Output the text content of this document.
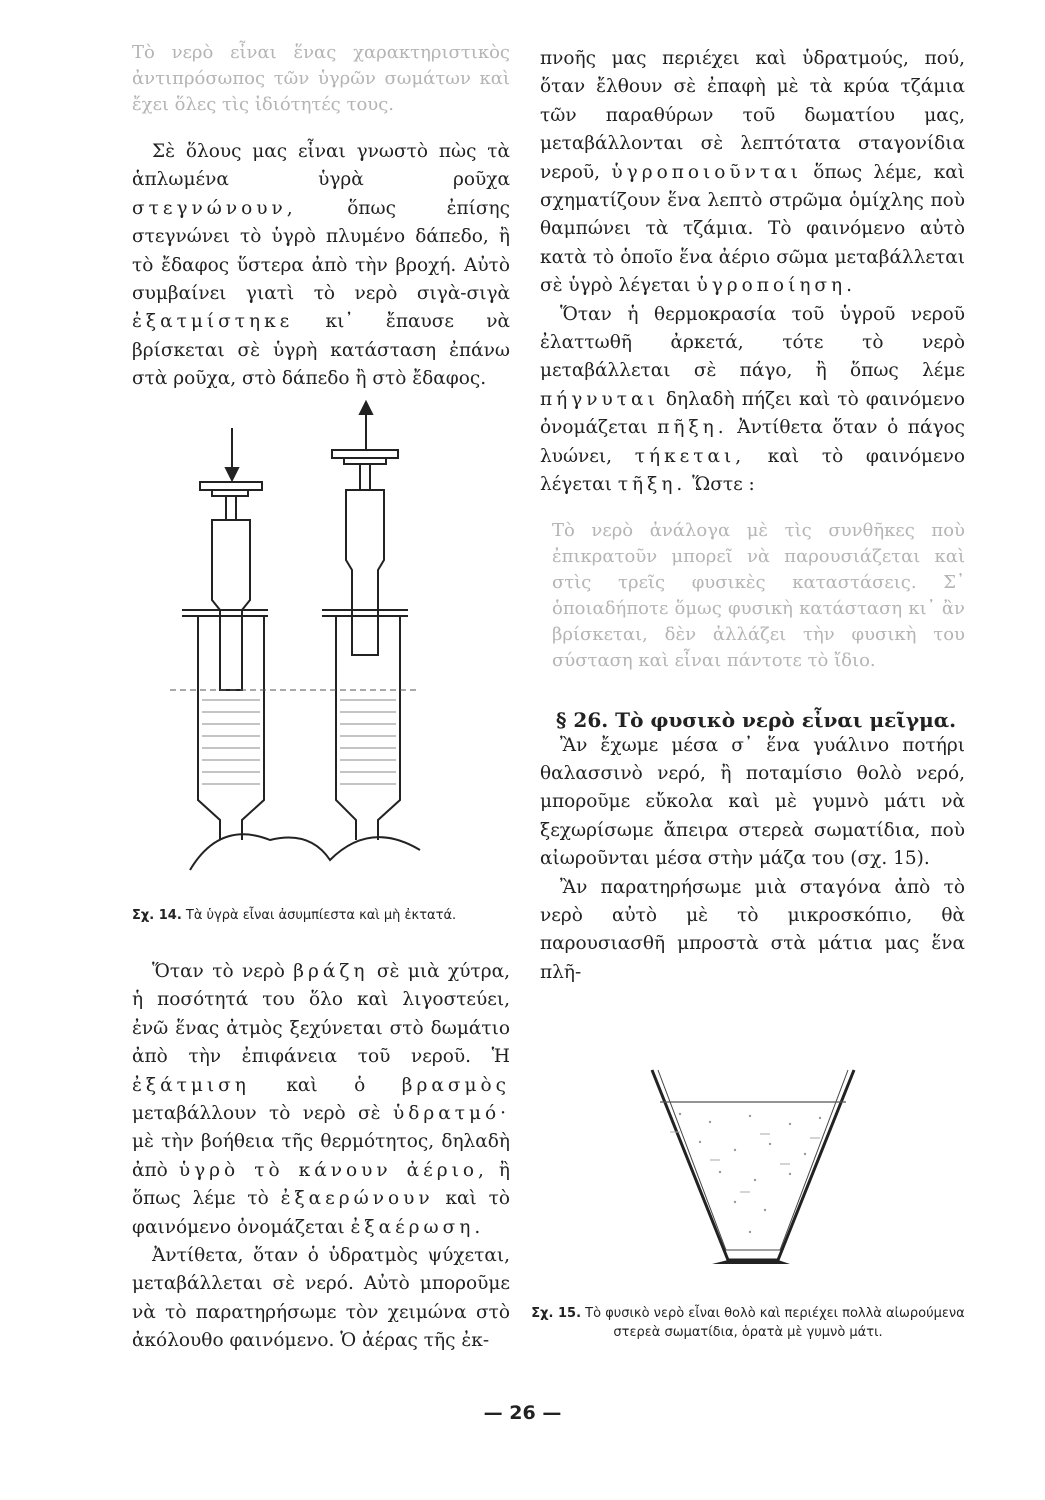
Τὸ νερὸ εἶναι ἕνας χαρακτηριστικὸς ἀντιπρόσωπος τῶν ὑγρῶν σωμάτων καὶ ἔχει ὅλες τὶς ἰδιότητές τους.

Σὲ ὅλους μας εἶναι γνωστὸ πὼς τὰ ἁπλωμένα ὑγρὰ ροῦχα στεγνώνουν, ὅπως ἐπίσης στεγνώνει τὸ ὑγρὸ πλυμένο δάπεδο, ἢ τὸ ἔδαφος ὕστερα ἀπὸ τὴν βροχή. Αὐτὸ συμβαίνει γιατὶ τὸ νερὸ σιγὰ-σιγὰ ἐξατμίστηκε κι᾽ ἔπαυσε νὰ βρίσκεται σὲ ὑγρὴ κατάσταση ἐπάνω στὰ ροῦχα, στὸ δάπεδο ἢ στὸ ἔδαφος.

Σχ. 14. Τὰ ὑγρὰ εἶναι ἀσυμπίεστα καὶ μὴ ἐκτατά.

Ὅταν τὸ νερὸ βράζη σὲ μιὰ χύτρα, ἡ ποσότητά του ὅλο καὶ λιγοστεύει, ἐνῶ ἕνας ἀτμὸς ξεχύνεται στὸ δωμάτιο ἀπὸ τὴν ἐπιφάνεια τοῦ νεροῦ. Ἡ ἐξάτμιση καὶ ὁ βρασμὸς μεταβάλλουν τὸ νερὸ σὲ ὑδρατμό· μὲ τὴν βοήθεια τῆς θερμότητος, δηλαδὴ ἀπὸ ὑγρὸ τὸ κάνουν ἀέριο, ἢ ὅπως λέμε τὸ ἐξαερώνουν καὶ τὸ φαινόμενο ὀνομάζεται ἐξαέρωση.

Ἀντίθετα, ὅταν ὁ ὑδρατμὸς ψύχεται, μεταβάλλεται σὲ νερό. Αὐτὸ μποροῦμε νὰ τὸ παρατηρήσωμε τὸν χειμώνα στὸ ἀκόλουθο φαινόμενο. Ὁ ἀέρας τῆς ἐκ-

πνοῆς μας περιέχει καὶ ὑδρατμούς, πού, ὅταν ἔλθουν σὲ ἐπαφὴ μὲ τὰ κρύα τζάμια τῶν παραθύρων τοῦ δωματίου μας, μεταβάλλονται σὲ λεπτότατα σταγονίδια νεροῦ, ὑγροποιοῦνται ὅπως λέμε, καὶ σχηματίζουν ἕνα λεπτὸ στρῶμα ὁμίχλης ποὺ θαμπώνει τὰ τζάμια. Τὸ φαινόμενο αὐτὸ κατὰ τὸ ὁποῖο ἕνα ἀέριο σῶμα μεταβάλλεται σὲ ὑγρὸ λέγεται ὑγροποίηση.

Ὅταν ἡ θερμοκρασία τοῦ ὑγροῦ νεροῦ ἐλαττωθῆ ἀρκετά, τότε τὸ νερὸ μεταβάλλεται σὲ πάγο, ἢ ὅπως λέμε πήγνυται δηλαδὴ πήζει καὶ τὸ φαινόμενο ὀνομάζεται πῆξη. Ἀντίθετα ὅταν ὁ πάγος λυώνει, τήκεται, καὶ τὸ φαινόμενο λέγεται τῆξη. Ὥστε :

Τὸ νερὸ ἀνάλογα μὲ τὶς συνθῆκες ποὺ ἐπικρατοῦν μπορεῖ νὰ παρουσιάζεται καὶ στὶς τρεῖς φυσικὲς καταστάσεις. Σ᾽ ὁποιαδήποτε ὅμως φυσικὴ κατάσταση κι᾽ ἂν βρίσκεται, δὲν ἀλλάζει τὴν φυσικὴ του σύσταση καὶ εἶναι πάντοτε τὸ ἴδιο.

§ 26. Τὸ φυσικὸ νερὸ εἶναι μεῖγμα.

Ἂν ἔχωμε μέσα σ᾽ ἕνα γυάλινο ποτήρι θαλασσινὸ νερό, ἢ ποταμίσιο θολὸ νερό, μποροῦμε εὔκολα καὶ μὲ γυμνὸ μάτι νὰ ξεχωρίσωμε ἄπειρα στερεὰ σωματίδια, ποὺ αἰωροῦνται μέσα στὴν μάζα του (σχ. 15).

Ἂν παρατηρήσωμε μιὰ σταγόνα ἀπὸ τὸ νερὸ αὐτὸ μὲ τὸ μικροσκόπιο, θὰ παρουσιασθῆ μπροστὰ στὰ μάτια μας ἕνα πλῆ-

Σχ. 15. Τὸ φυσικὸ νερὸ εἶναι θολὸ καὶ περιέχει πολλὰ αἰωρούμενα στερεὰ σωματίδια, ὁρατὰ μὲ γυμνὸ μάτι.
— 26 —
